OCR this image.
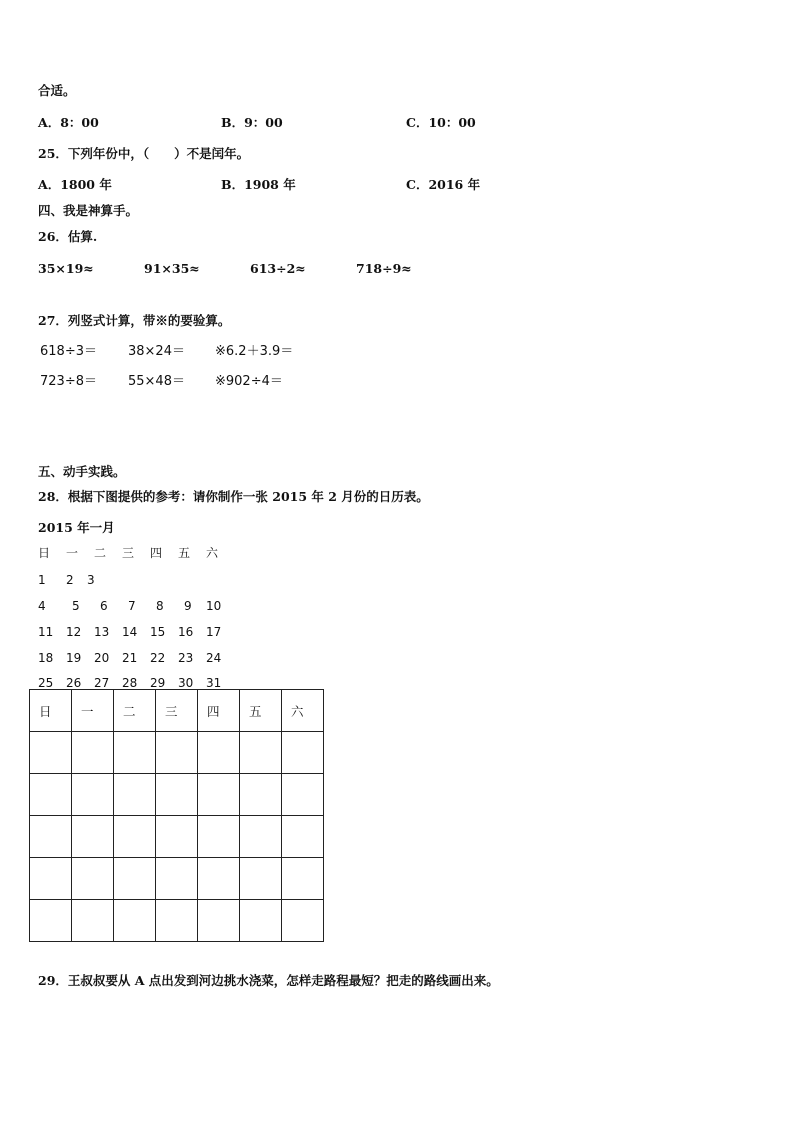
合适。
A．8：00	B．9：00	C．10：00
25．下列年份中，（　　）不是闰年。
A．1800 年	B．1908 年	C．2016 年
四、我是神算手。
26．估算.
35×19≈	91×35≈	613÷2≈	718÷9≈
27．列竖式计算，带※的要验算。
618÷3＝ 38×24＝ ※6.2＋3.9＝
723÷8＝ 55×48＝ ※902÷4＝
五、动手实践。
28．根据下图提供的参考：请你制作一张 2015 年 2 月份的日历表。
2015 年一月
日 一 二 三 四 五 六
1 2 3
4 5 6 7 8 9 10
11 12 13 14 15 16 17
18 19 20 21 22 23 24
25 26 27 28 29 30 31
日	一	二	三	四	五	六

29．王叔叔要从 A 点出发到河边挑水浇菜，怎样走路程最短？把走的路线画出来。
